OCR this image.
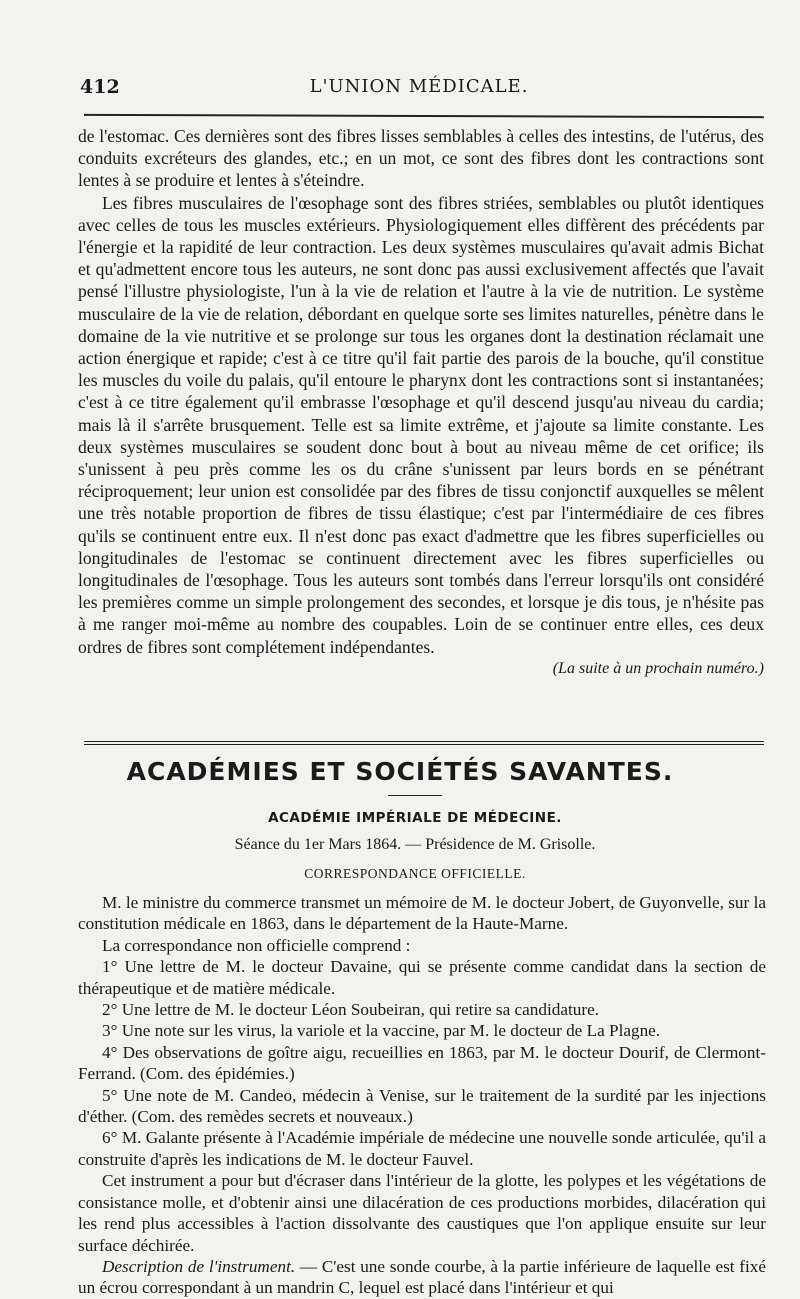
412	L'UNION MÉDICALE.

de l'estomac. Ces dernières sont des fibres lisses semblables à celles des intestins, de l'utérus, des conduits excréteurs des glandes, etc.; en un mot, ce sont des fibres dont les contractions sont lentes à se produire et lentes à s'éteindre.

Les fibres musculaires de l'œsophage sont des fibres striées, semblables ou plutôt identiques avec celles de tous les muscles extérieurs. Physiologiquement elles diffèrent des précédents par l'énergie et la rapidité de leur contraction. Les deux systèmes musculaires qu'avait admis Bichat et qu'admettent encore tous les auteurs, ne sont donc pas aussi exclusivement affectés que l'avait pensé l'illustre physiologiste, l'un à la vie de relation et l'autre à la vie de nutrition. Le système musculaire de la vie de relation, débordant en quelque sorte ses limites naturelles, pénètre dans le domaine de la vie nutritive et se prolonge sur tous les organes dont la destination réclamait une action énergique et rapide; c'est à ce titre qu'il fait partie des parois de la bouche, qu'il constitue les muscles du voile du palais, qu'il entoure le pharynx dont les contractions sont si instantanées; c'est à ce titre également qu'il embrasse l'œsophage et qu'il descend jusqu'au niveau du cardia; mais là il s'arrête brusquement. Telle est sa limite extrême, et j'ajoute sa limite constante. Les deux systèmes musculaires se soudent donc bout à bout au niveau même de cet orifice; ils s'unissent à peu près comme les os du crâne s'unissent par leurs bords en se pénétrant réciproquement; leur union est consolidée par des fibres de tissu conjonctif auxquelles se mêlent une très notable proportion de fibres de tissu élastique; c'est par l'intermédiaire de ces fibres qu'ils se continuent entre eux. Il n'est donc pas exact d'admettre que les fibres superficielles ou longitudinales de l'estomac se continuent directement avec les fibres superficielles ou longitudinales de l'œsophage. Tous les auteurs sont tombés dans l'erreur lorsqu'ils ont considéré les premières comme un simple prolongement des secondes, et lorsque je dis tous, je n'hésite pas à me ranger moi-même au nombre des coupables. Loin de se continuer entre elles, ces deux ordres de fibres sont complétement indépendantes.

(La suite à un prochain numéro.)

ACADÉMIES ET SOCIÉTÉS SAVANTES.
ACADÉMIE IMPÉRIALE DE MÉDECINE.
Séance du 1er Mars 1864. — Présidence de M. Grisolle.
CORRESPONDANCE OFFICIELLE.

M. le ministre du commerce transmet un mémoire de M. le docteur Jobert, de Guyonvelle, sur la constitution médicale en 1863, dans le département de la Haute-Marne.

La correspondance non officielle comprend :

1° Une lettre de M. le docteur Davaine, qui se présente comme candidat dans la section de thérapeutique et de matière médicale.

2° Une lettre de M. le docteur Léon Soubeiran, qui retire sa candidature.

3° Une note sur les virus, la variole et la vaccine, par M. le docteur de La Plagne.

4° Des observations de goître aigu, recueillies en 1863, par M. le docteur Dourif, de Clermont-Ferrand. (Com. des épidémies.)

5° Une note de M. Candeo, médecin à Venise, sur le traitement de la surdité par les injections d'éther. (Com. des remèdes secrets et nouveaux.)

6° M. Galante présente à l'Académie impériale de médecine une nouvelle sonde articulée, qu'il a construite d'après les indications de M. le docteur Fauvel.

Cet instrument a pour but d'écraser dans l'intérieur de la glotte, les polypes et les végétations de consistance molle, et d'obtenir ainsi une dilacération de ces productions morbides, dilacération qui les rend plus accessibles à l'action dissolvante des caustiques que l'on applique ensuite sur leur surface déchirée.

Description de l'instrument. — C'est une sonde courbe, à la partie inférieure de laquelle est fixé un écrou correspondant à un mandrin C, lequel est placé dans l'intérieur et qui
